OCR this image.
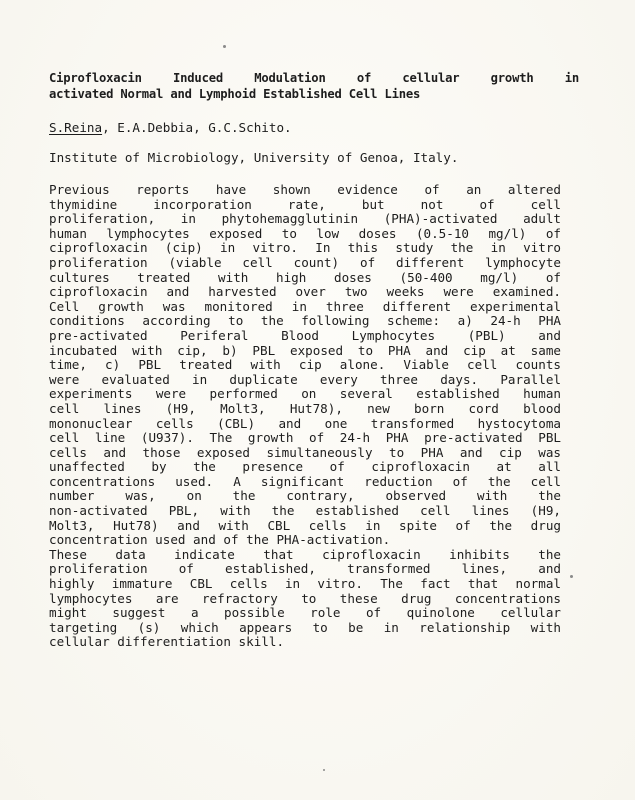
Ciprofloxacin Induced Modulation of cellular growth in
activated Normal and Lymphoid Established Cell Lines

S.Reina, E.A.Debbia, G.C.Schito.

Institute of Microbiology, University of Genoa, Italy.

Previous reports have shown evidence of an altered
thymidine incorporation rate, but not of cell
proliferation, in phytohemagglutinin (PHA)-activated adult
human lymphocytes exposed to low doses (0.5-10 mg/l) of
ciprofloxacin (cip) in vitro. In this study the in vitro
proliferation (viable cell count) of different lymphocyte
cultures treated with high doses (50-400 mg/l) of
ciprofloxacin and harvested over two weeks were examined.
Cell growth was monitored in three different experimental
conditions according to the following scheme: a) 24-h PHA
pre-activated Periferal Blood Lymphocytes (PBL) and
incubated with cip, b) PBL exposed to PHA and cip at same
time, c) PBL treated with cip alone. Viable cell counts
were evaluated in duplicate every three days. Parallel
experiments were performed on several established human
cell lines (H9, Molt3, Hut78), new born cord blood
mononuclear cells (CBL) and one transformed hystocytoma
cell line (U937). The growth of 24-h PHA pre-activated PBL
cells and those exposed simultaneously to PHA and cip was
unaffected by the presence of ciprofloxacin at all
concentrations used. A significant reduction of the cell
number was, on the contrary, observed with the
non-activated PBL, with the established cell lines (H9,
Molt3, Hut78) and with CBL cells in spite of the drug
concentration used and of the PHA-activation.
These data indicate that ciprofloxacin inhibits the
proliferation of established, transformed lines, and
highly immature CBL cells in vitro. The fact that normal
lymphocytes are refractory to these drug concentrations
might suggest a possible role of quinolone cellular
targeting (s) which appears to be in relationship with
cellular differentiation skill.
